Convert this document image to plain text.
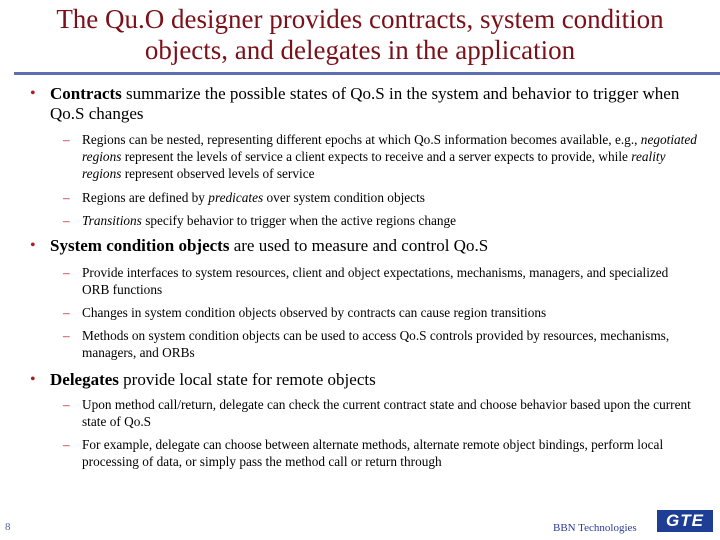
The Qu.O designer provides contracts, system condition
objects, and delegates in the application
• Contracts summarize the possible states of Qo.S in the system and behavior to trigger when Qo.S changes
– Regions can be nested, representing different epochs at which Qo.S information becomes available, e.g., negotiated regions represent the levels of service a client expects to receive and a server expects to provide, while reality regions represent observed levels of service
– Regions are defined by predicates over system condition objects
– Transitions specify behavior to trigger when the active regions change
• System condition objects are used to measure and control Qo.S
– Provide interfaces to system resources, client and object expectations, mechanisms, managers, and specialized ORB functions
– Changes in system condition objects observed by contracts can cause region transitions
– Methods on system condition objects can be used to access Qo.S controls provided by resources, mechanisms, managers, and ORBs
• Delegates provide local state for remote objects
– Upon method call/return, delegate can check the current contract state and choose behavior based upon the current state of Qo.S
– For example, delegate can choose between alternate methods, alternate remote object bindings, perform local processing of data, or simply pass the method call or return through
8	BBN Technologies	GTE
